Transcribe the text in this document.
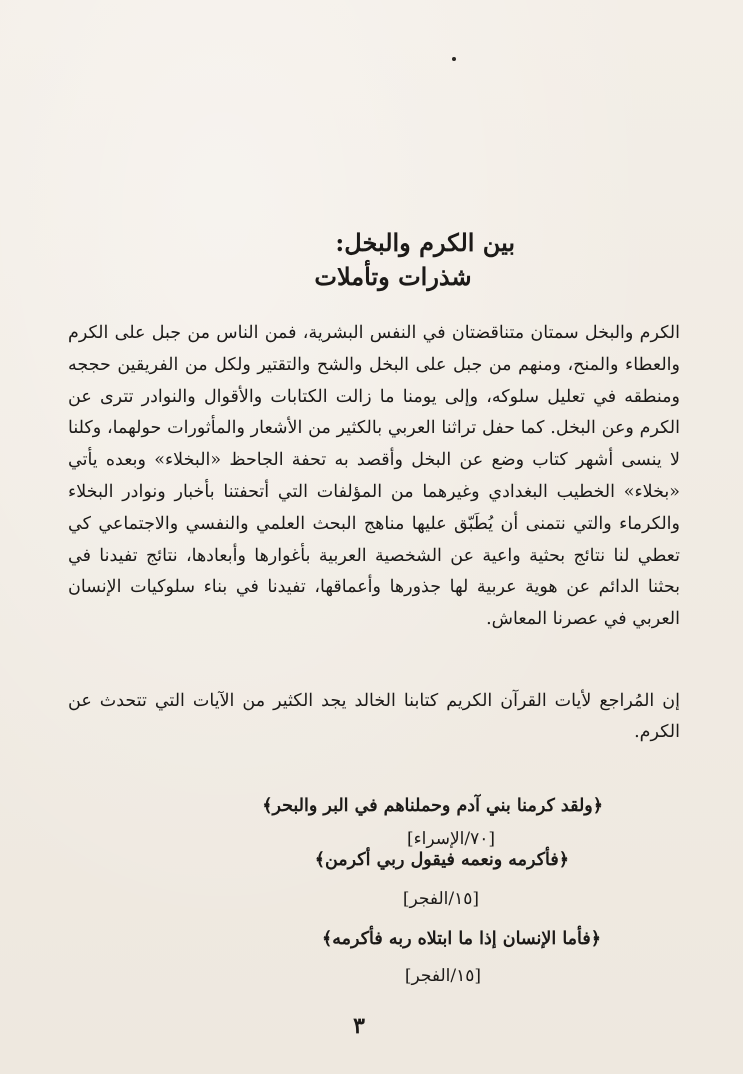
بين الكرم والبخل:
شذرات وتأملات

الكرم والبخل سمتان متناقضتان في النفس البشرية، فمن الناس من جبل على الكرم والعطاء والمنح، ومنهم من جبل على البخل والشح والتقتير ولكل من الفريقين حججه ومنطقه في تعليل سلوكه، وإلى يومنا ما زالت الكتابات والأقوال والنوادر تترى عن الكرم وعن البخل. كما حفل تراثنا العربي بالكثير من الأشعار والمأثورات حولهما، وكلنا لا ينسى أشهر كتاب وضع عن البخل وأقصد به تحفة الجاحظ «البخلاء» وبعده يأتي «بخلاء» الخطيب البغدادي وغيرهما من المؤلفات التي أتحفتنا بأخبار ونوادر البخلاء والكرماء والتي نتمنى أن يُطَبّق عليها مناهج البحث العلمي والنفسي والاجتماعي كي تعطي لنا نتائج بحثية واعية عن الشخصية العربية بأغوارها وأبعادها، نتائج تفيدنا في بحثنا الدائم عن هوية عربية لها جذورها وأعماقها، تفيدنا في بناء سلوكيات الإنسان العربي في عصرنا المعاش.

إن المُراجع لأيات القرآن الكريم كتابنا الخالد يجد الكثير من الآيات التي تتحدث عن الكرم.

﴿ولقد كرمنا بني آدم وحملناهم في البر والبحر﴾
[٧٠/الإسراء]
﴿فأكرمه ونعمه فيقول ربي أكرمن﴾
[١٥/الفجر]
﴿فأما الإنسان إذا ما ابتلاه ربه فأكرمه﴾
[١٥/الفجر]
٣
